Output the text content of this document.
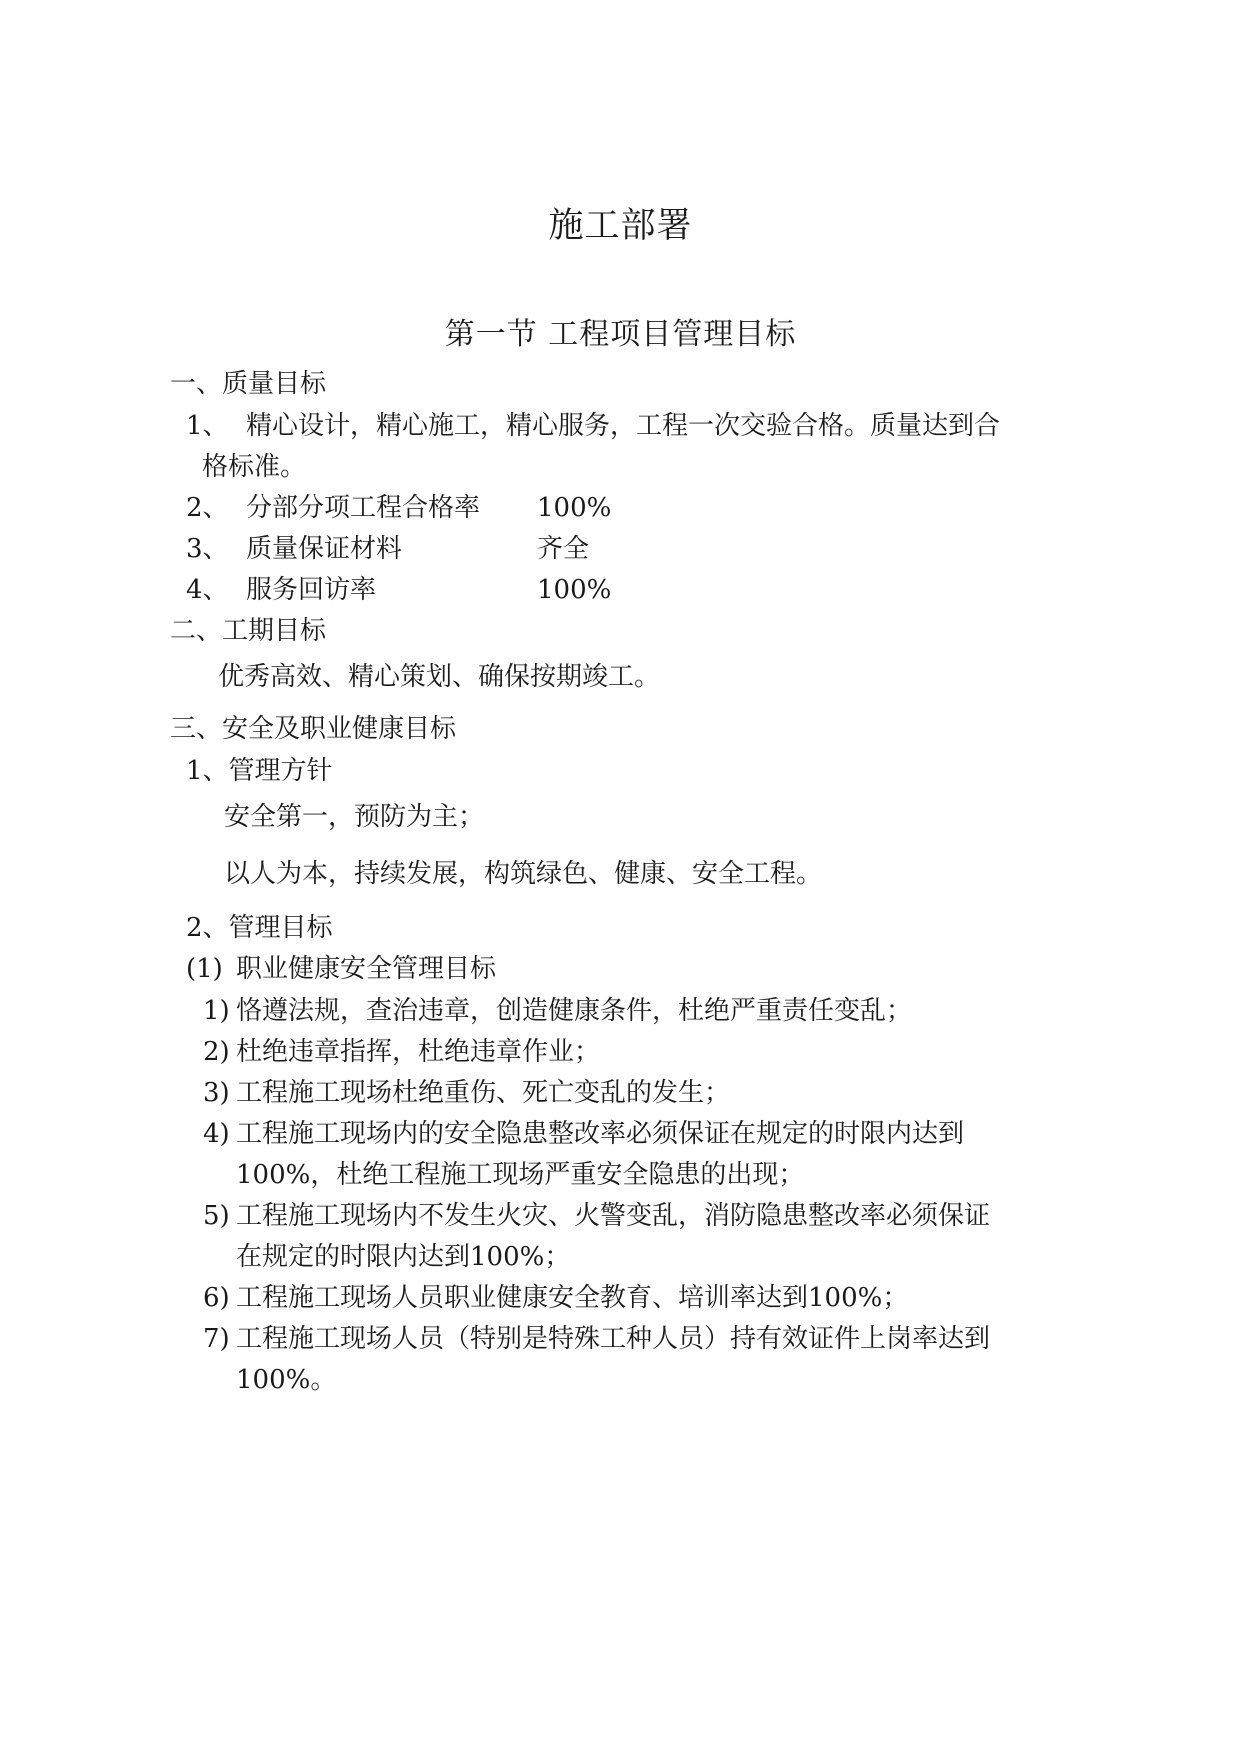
施工部署
第一节 工程项目管理目标
一、质量目标
1、 精心设计，精心施工，精心服务，工程一次交验合格。质量达到合
格标准。
2、 分部分项工程合格率 100%
3、 质量保证材料	齐全
4、 服务回访率	100%
二、工期目标
优秀高效、精心策划、确保按期竣工。
三、安全及职业健康目标
1、管理方针
安全第一，预防为主；
以人为本，持续发展，构筑绿色、健康、安全工程。
2、管理目标
(1) 职业健康安全管理目标
1) 恪遵法规，查治违章，创造健康条件，杜绝严重责任变乱；
2) 杜绝违章指挥，杜绝违章作业；
3) 工程施工现场杜绝重伤、死亡变乱的发生；
4) 工程施工现场内的安全隐患整改率必须保证在规定的时限内达到
100%，杜绝工程施工现场严重安全隐患的出现；
5) 工程施工现场内不发生火灾、火警变乱，消防隐患整改率必须保证
在规定的时限内达到100%；
6) 工程施工现场人员职业健康安全教育、培训率达到100%；
7) 工程施工现场人员（特别是特殊工种人员）持有效证件上岗率达到
100%。
